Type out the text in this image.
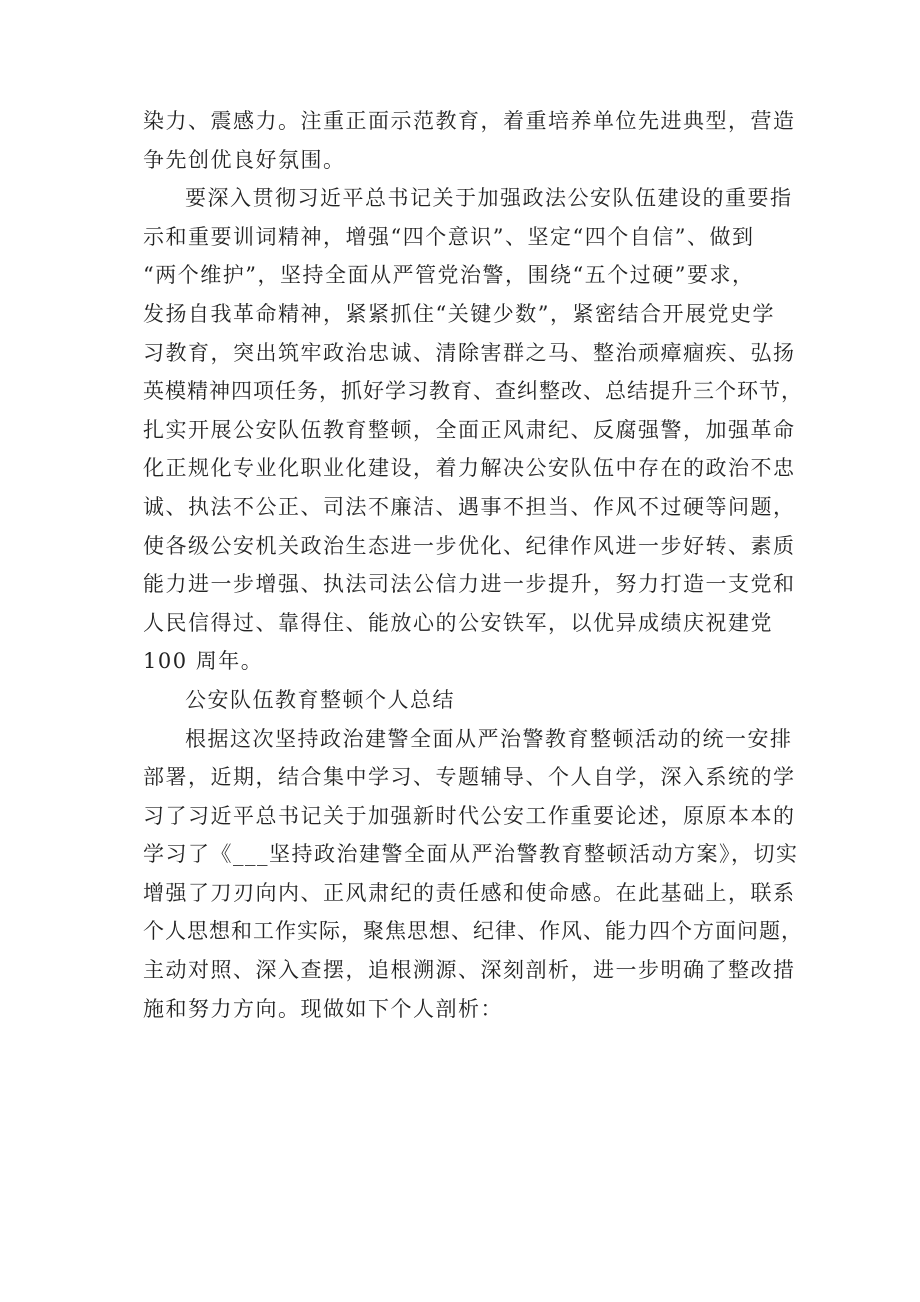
染力、震感力。注重正面示范教育，着重培养单位先进典型，营造
争先创优良好氛围。
要深入贯彻习近平总书记关于加强政法公安队伍建设的重要指
示和重要训词精神，增强“四个意识”、坚定“四个自信”、做到
“两个维护”，坚持全面从严管党治警，围绕“五个过硬”要求，
发扬自我革命精神，紧紧抓住“关键少数”，紧密结合开展党史学
习教育，突出筑牢政治忠诚、清除害群之马、整治顽瘴痼疾、弘扬
英模精神四项任务，抓好学习教育、查纠整改、总结提升三个环节，
扎实开展公安队伍教育整顿，全面正风肃纪、反腐强警，加强革命
化正规化专业化职业化建设，着力解决公安队伍中存在的政治不忠
诚、执法不公正、司法不廉洁、遇事不担当、作风不过硬等问题，
使各级公安机关政治生态进一步优化、纪律作风进一步好转、素质
能力进一步增强、执法司法公信力进一步提升，努力打造一支党和
人民信得过、靠得住、能放心的公安铁军，以优异成绩庆祝建党
100 周年。
公安队伍教育整顿个人总结
根据这次坚持政治建警全面从严治警教育整顿活动的统一安排
部署，近期，结合集中学习、专题辅导、个人自学，深入系统的学
习了习近平总书记关于加强新时代公安工作重要论述，原原本本的
学习了《___坚持政治建警全面从严治警教育整顿活动方案》，切实
增强了刀刃向内、正风肃纪的责任感和使命感。在此基础上，联系
个人思想和工作实际，聚焦思想、纪律、作风、能力四个方面问题，
主动对照、深入查摆，追根溯源、深刻剖析，进一步明确了整改措
施和努力方向。现做如下个人剖析：
